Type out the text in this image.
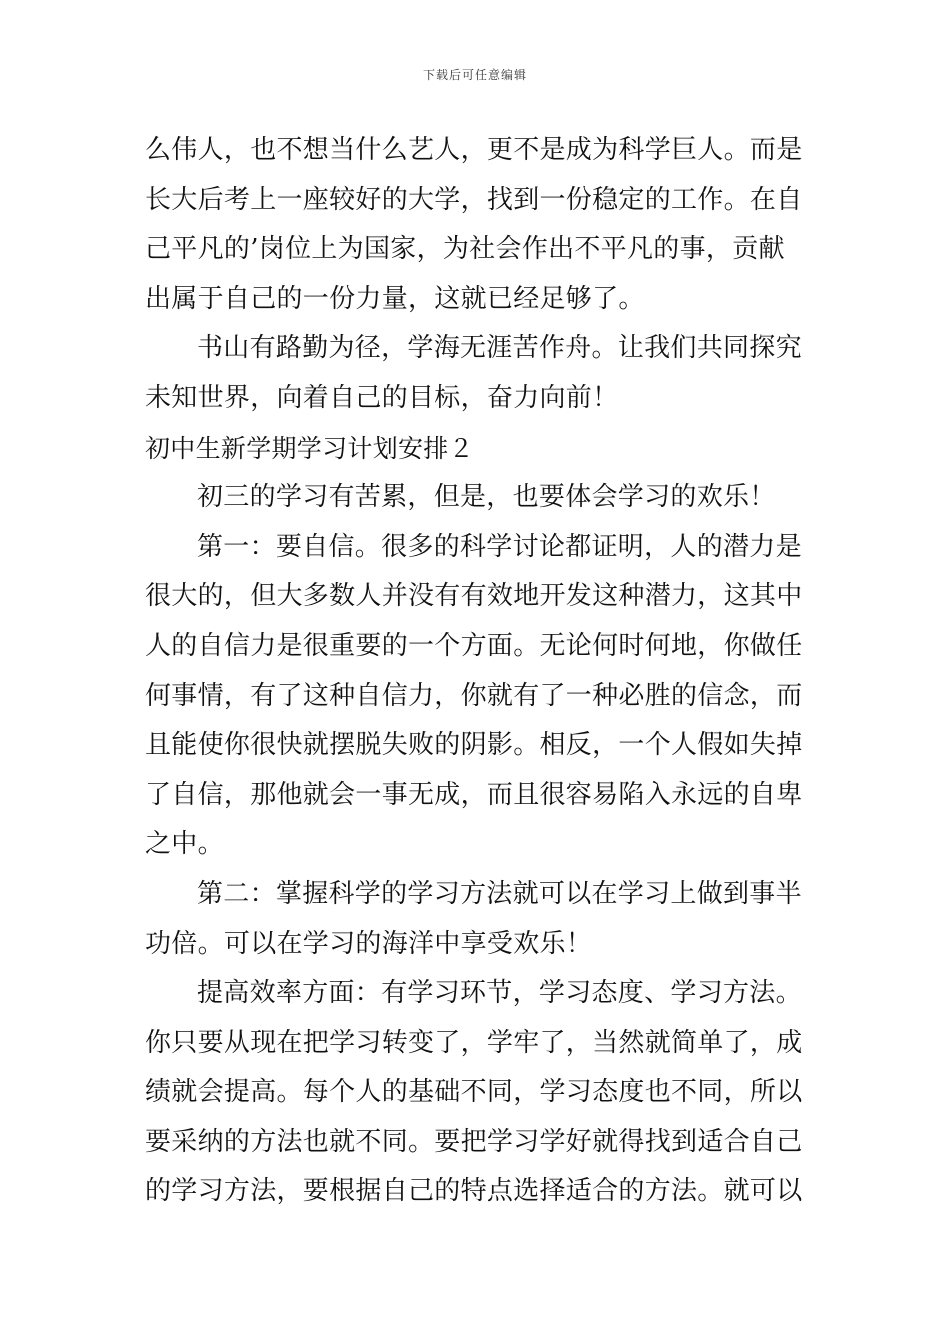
下载后可任意编辑
么伟人，也不想当什么艺人，更不是成为科学巨人。而是
长大后考上一座较好的大学，找到一份稳定的工作。在自
己平凡的’岗位上为国家，为社会作出不平凡的事，贡献
出属于自己的一份力量，这就已经足够了。
书山有路勤为径，学海无涯苦作舟。让我们共同探究
未知世界，向着自己的目标，奋力向前！
初中生新学期学习计划安排２
初三的学习有苦累，但是，也要体会学习的欢乐！
第一：要自信。很多的科学讨论都证明，人的潜力是
很大的，但大多数人并没有有效地开发这种潜力，这其中
人的自信力是很重要的一个方面。无论何时何地，你做任
何事情，有了这种自信力，你就有了一种必胜的信念，而
且能使你很快就摆脱失败的阴影。相反，一个人假如失掉
了自信，那他就会一事无成，而且很容易陷入永远的自卑
之中。
第二：掌握科学的学习方法就可以在学习上做到事半
功倍。可以在学习的海洋中享受欢乐！
提高效率方面：有学习环节，学习态度、学习方法。
你只要从现在把学习转变了，学牢了，当然就简单了，成
绩就会提高。每个人的基础不同，学习态度也不同，所以
要采纳的方法也就不同。要把学习学好就得找到适合自己
的学习方法，要根据自己的特点选择适合的方法。就可以
